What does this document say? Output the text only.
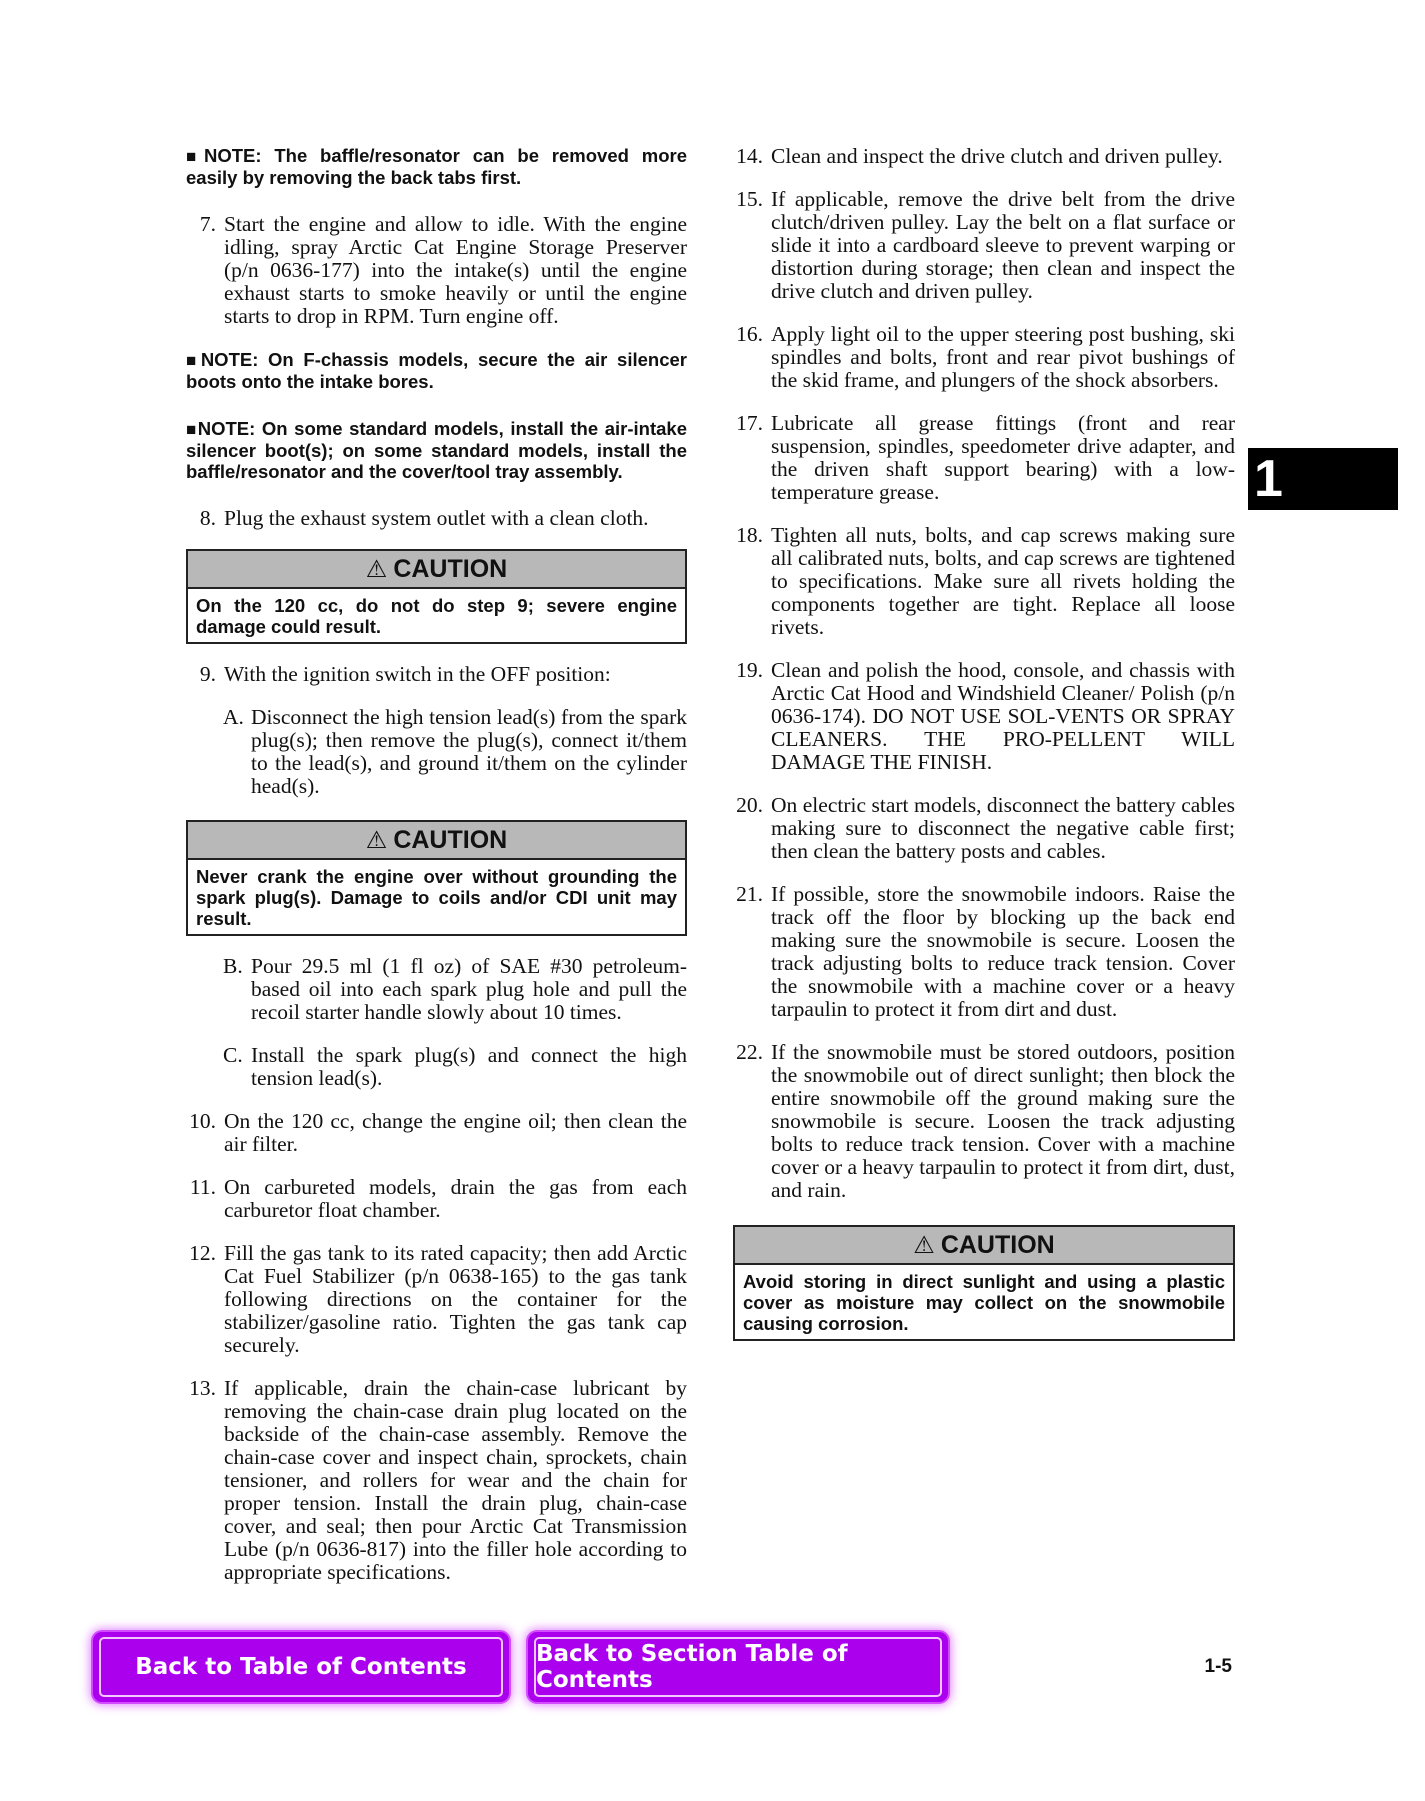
■NOTE: The baffle/resonator can be removed more easily by removing the back tabs first.

7. Start the engine and allow to idle. With the engine idling, spray Arctic Cat Engine Storage Preserver (p/n 0636-177) into the intake(s) until the engine exhaust starts to smoke heavily or until the engine starts to drop in RPM. Turn engine off.

■NOTE: On F-chassis models, secure the air silencer boots onto the intake bores.

■NOTE: On some standard models, install the air-intake silencer boot(s); on some standard models, install the baffle/resonator and the cover/tool tray assembly.

8. Plug the exhaust system outlet with a clean cloth.

⚠ CAUTION
On the 120 cc, do not do step 9; severe engine damage could result.

9. With the ignition switch in the OFF position:

A. Disconnect the high tension lead(s) from the spark plug(s); then remove the plug(s), connect it/them to the lead(s), and ground it/them on the cylinder head(s).

⚠ CAUTION
Never crank the engine over without grounding the spark plug(s). Damage to coils and/or CDI unit may result.

B. Pour 29.5 ml (1 fl oz) of SAE #30 petroleum-based oil into each spark plug hole and pull the recoil starter handle slowly about 10 times.

C. Install the spark plug(s) and connect the high tension lead(s).

10. On the 120 cc, change the engine oil; then clean the air filter.

11. On carbureted models, drain the gas from each carburetor float chamber.

12. Fill the gas tank to its rated capacity; then add Arctic Cat Fuel Stabilizer (p/n 0638-165) to the gas tank following directions on the container for the stabilizer/gasoline ratio. Tighten the gas tank cap securely.

13. If applicable, drain the chain-case lubricant by removing the chain-case drain plug located on the backside of the chain-case assembly. Remove the chain-case cover and inspect chain, sprockets, chain tensioner, and rollers for wear and the chain for proper tension. Install the drain plug, chain-case cover, and seal; then pour Arctic Cat Transmission Lube (p/n 0636-817) into the filler hole according to appropriate specifications.

14. Clean and inspect the drive clutch and driven pulley.

15. If applicable, remove the drive belt from the drive clutch/driven pulley. Lay the belt on a flat surface or slide it into a cardboard sleeve to prevent warping or distortion during storage; then clean and inspect the drive clutch and driven pulley.

16. Apply light oil to the upper steering post bushing, ski spindles and bolts, front and rear pivot bushings of the skid frame, and plungers of the shock absorbers.

17. Lubricate all grease fittings (front and rear suspension, spindles, speedometer drive adapter, and the driven shaft support bearing) with a low-temperature grease.

18. Tighten all nuts, bolts, and cap screws making sure all calibrated nuts, bolts, and cap screws are tightened to specifications. Make sure all rivets holding the components together are tight. Replace all loose rivets.

19. Clean and polish the hood, console, and chassis with Arctic Cat Hood and Windshield Cleaner/ Polish (p/n 0636-174). DO NOT USE SOL-VENTS OR SPRAY CLEANERS. THE PRO-PELLENT WILL DAMAGE THE FINISH.

20. On electric start models, disconnect the battery cables making sure to disconnect the negative cable first; then clean the battery posts and cables.

21. If possible, store the snowmobile indoors. Raise the track off the floor by blocking up the back end making sure the snowmobile is secure. Loosen the track adjusting bolts to reduce track tension. Cover the snowmobile with a machine cover or a heavy tarpaulin to protect it from dirt and dust.

22. If the snowmobile must be stored outdoors, position the snowmobile out of direct sunlight; then block the entire snowmobile off the ground making sure the snowmobile is secure. Loosen the track adjusting bolts to reduce track tension. Cover with a machine cover or a heavy tarpaulin to protect it from dirt, dust, and rain.

⚠ CAUTION
Avoid storing in direct sunlight and using a plastic cover as moisture may collect on the snowmobile causing corrosion.
1
Back to Table of Contents	Back to Section Table of Contents
1-5
